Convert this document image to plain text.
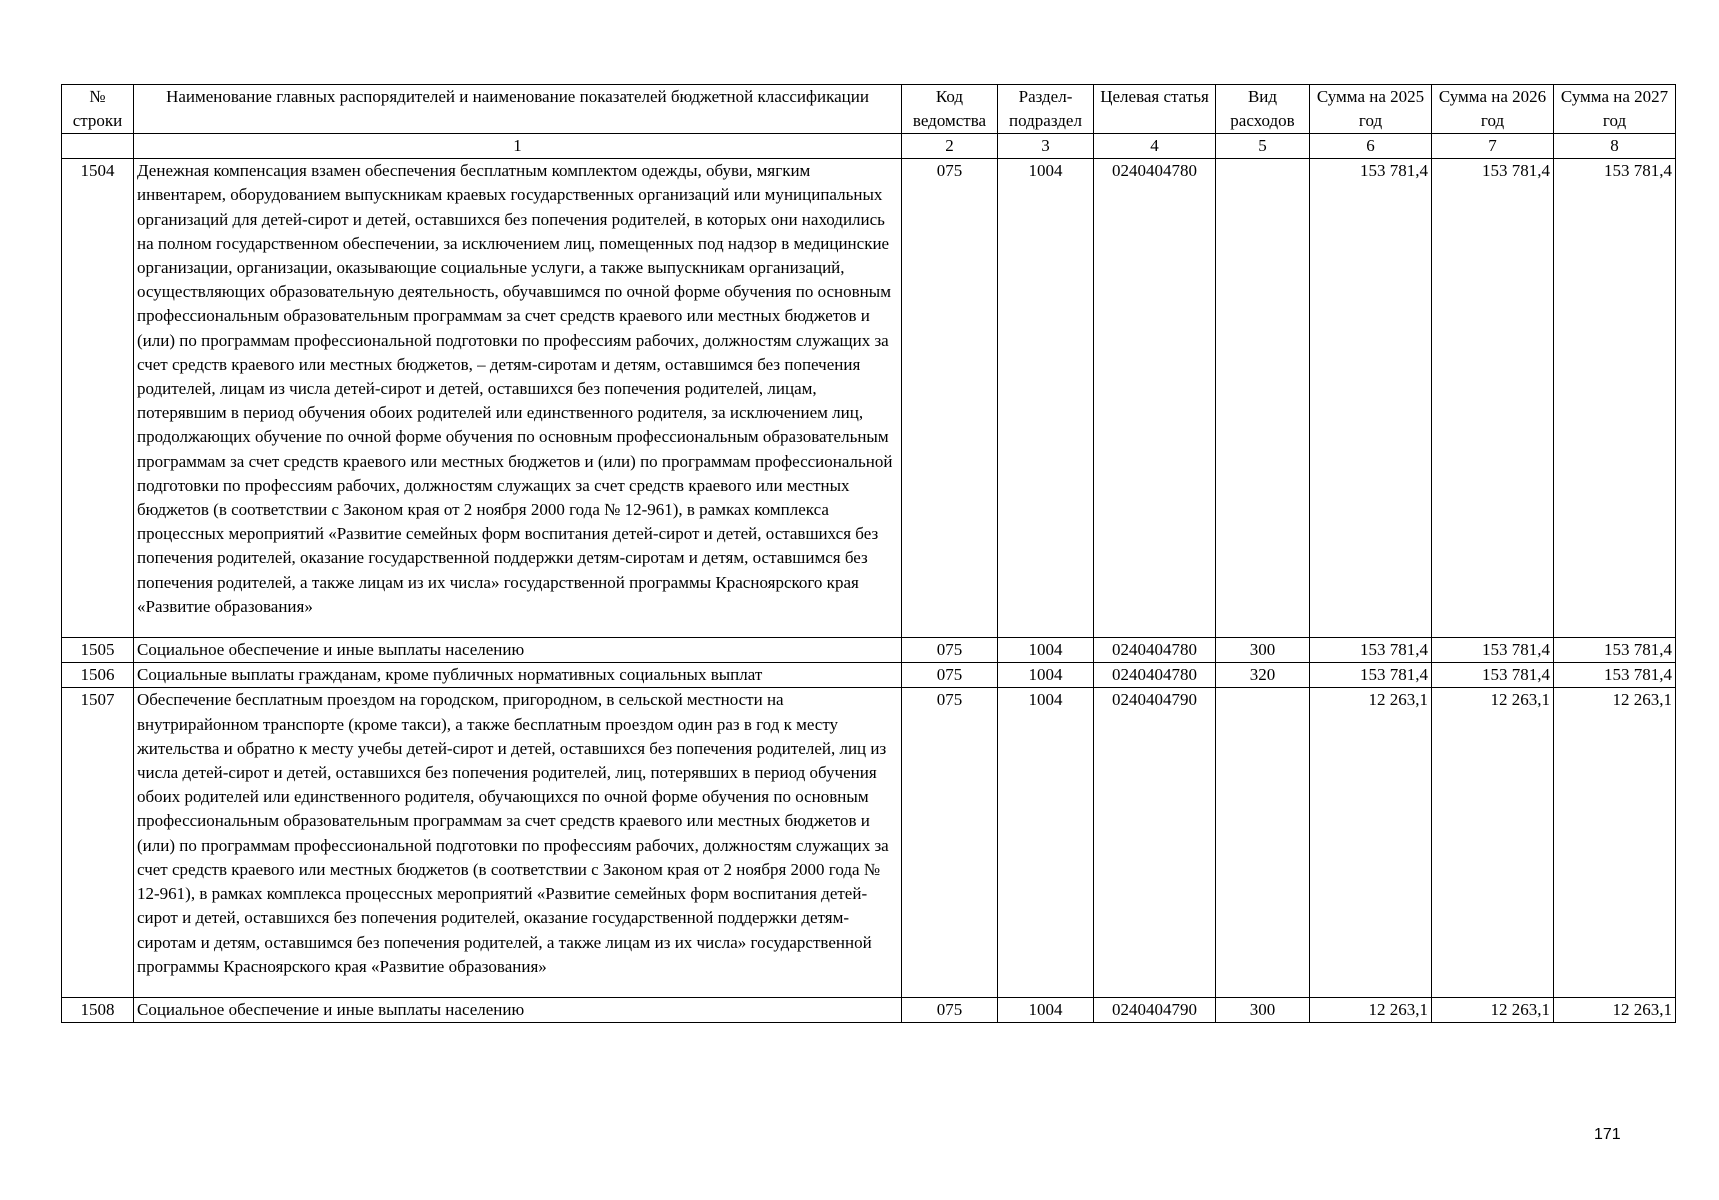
№ строки	Наименование главных распорядителей и наименование показателей бюджетной классификации	Код ведомства	Раздел-подраздел	Целевая статья	Вид расходов	Сумма на 2025 год	Сумма на 2026 год	Сумма на 2027 год
	1	2	3	4	5	6	7	8
1504	Денежная компенсация взамен обеспечения бесплатным комплектом одежды, обуви, мягким инвентарем, оборудованием выпускникам краевых государственных организаций или муниципальных организаций для детей-сирот и детей, оставшихся без попечения родителей, в которых они находились на полном государственном обеспечении, за исключением лиц, помещенных под надзор в медицинские организации, организации, оказывающие социальные услуги, а также выпускникам организаций, осуществляющих образовательную деятельность, обучавшимся по очной форме обучения по основным профессиональным образовательным программам за счет средств краевого или местных бюджетов и (или) по программам профессиональной подготовки по профессиям рабочих, должностям служащих за счет средств краевого или местных бюджетов, – детям-сиротам и детям, оставшимся без попечения родителей, лицам из числа детей-сирот и детей, оставшихся без попечения родителей, лицам, потерявшим в период обучения обоих родителей или единственного родителя, за исключением лиц, продолжающих обучение по очной форме обучения по основным профессиональным образовательным программам за счет средств краевого или местных бюджетов и (или) по программам профессиональной подготовки по профессиям рабочих, должностям служащих за счет средств краевого или местных бюджетов (в соответствии с Законом края от 2 ноября 2000 года № 12-961), в рамках комплекса процессных мероприятий «Развитие семейных форм воспитания детей-сирот и детей, оставшихся без попечения родителей, оказание государственной поддержки детям-сиротам и детям, оставшимся без попечения родителей, а также лицам из их числа» государственной программы Красноярского края «Развитие образования»	075	1004	0240404780		153 781,4	153 781,4	153 781,4
1505	Социальное обеспечение и иные выплаты населению	075	1004	0240404780	300	153 781,4	153 781,4	153 781,4
1506	Социальные выплаты гражданам, кроме публичных нормативных социальных выплат	075	1004	0240404780	320	153 781,4	153 781,4	153 781,4
1507	Обеспечение бесплатным проездом на городском, пригородном, в сельской местности на внутрирайонном транспорте (кроме такси), а также бесплатным проездом один раз в год к месту жительства и обратно к месту учебы детей-сирот и детей, оставшихся без попечения родителей, лиц из числа детей-сирот и детей, оставшихся без попечения родителей, лиц, потерявших в период обучения обоих родителей или единственного родителя, обучающихся по очной форме обучения по основным профессиональным образовательным программам за счет средств краевого или местных бюджетов и (или) по программам профессиональной подготовки по профессиям рабочих, должностям служащих за счет средств краевого или местных бюджетов (в соответствии с Законом края от 2 ноября 2000 года № 12-961), в рамках комплекса процессных мероприятий «Развитие семейных форм воспитания детей-сирот и детей, оставшихся без попечения родителей, оказание государственной поддержки детям-сиротам и детям, оставшимся без попечения родителей, а также лицам из их числа» государственной программы Красноярского края «Развитие образования»	075	1004	0240404790		12 263,1	12 263,1	12 263,1
1508	Социальное обеспечение и иные выплаты населению	075	1004	0240404790	300	12 263,1	12 263,1	12 263,1
171
